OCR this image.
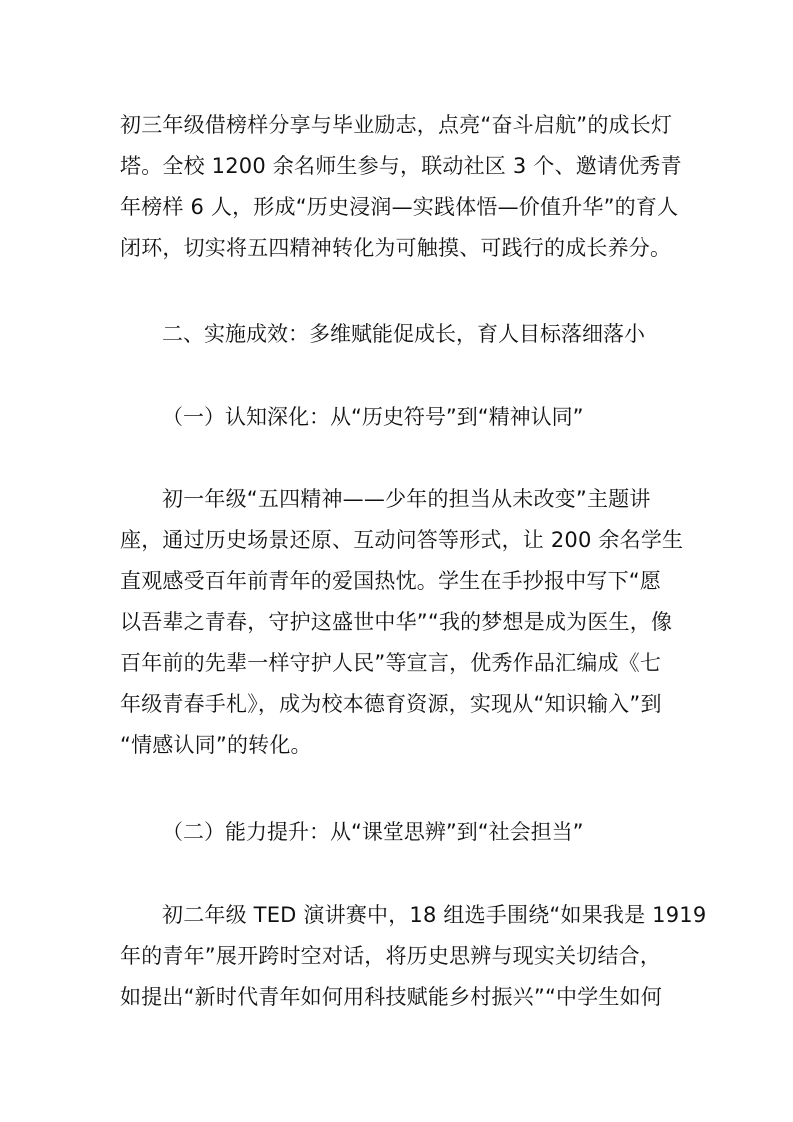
初三年级借榜样分享与毕业励志，点亮“奋斗启航”的成长灯
塔。全校 1200 余名师生参与，联动社区 3 个、邀请优秀青
年榜样 6 人，形成“历史浸润—实践体悟—价值升华”的育人
闭环，切实将五四精神转化为可触摸、可践行的成长养分。
二、实施成效：多维赋能促成长，育人目标落细落小
（一）认知深化：从“历史符号”到“精神认同”
初一年级“五四精神——少年的担当从未改变”主题讲
座，通过历史场景还原、互动问答等形式，让 200 余名学生
直观感受百年前青年的爱国热忱。学生在手抄报中写下“愿
以吾辈之青春，守护这盛世中华”“我的梦想是成为医生，像
百年前的先辈一样守护人民”等宣言，优秀作品汇编成《七
年级青春手札》，成为校本德育资源，实现从“知识输入”到
“情感认同”的转化。
（二）能力提升：从“课堂思辨”到“社会担当”
初二年级 TED 演讲赛中，18 组选手围绕“如果我是 1919
年的青年”展开跨时空对话，将历史思辨与现实关切结合，
如提出“新时代青年如何用科技赋能乡村振兴”“中学生如何
